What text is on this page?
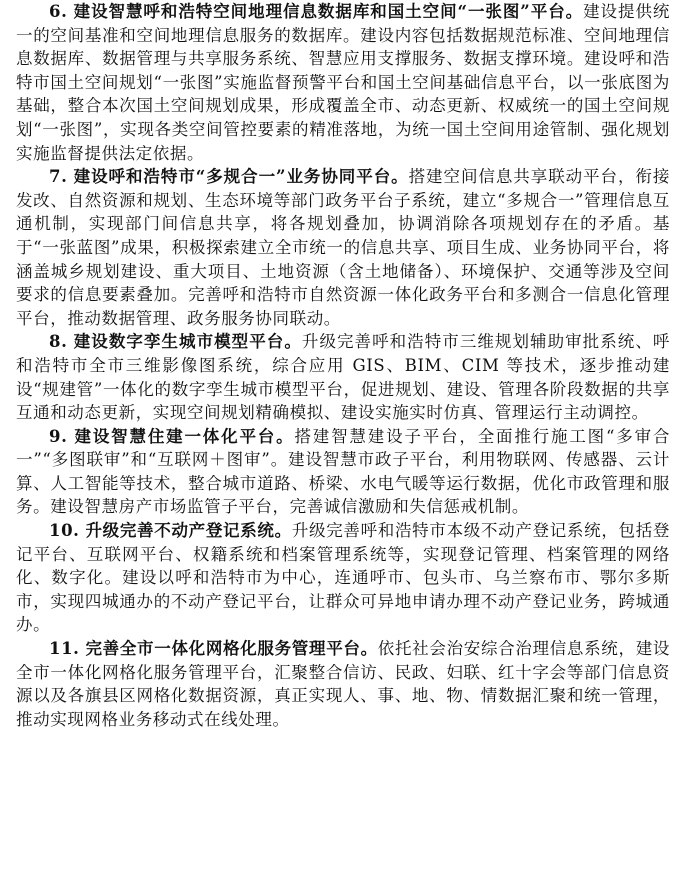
6. 建设智慧呼和浩特空间地理信息数据库和国土空间“一张图”平台。建设提供统一的空间基准和空间地理信息服务的数据库。建设内容包括数据规范标准、空间地理信息数据库、数据管理与共享服务系统、智慧应用支撑服务、数据支撑环境。建设呼和浩特市国土空间规划“一张图”实施监督预警平台和国土空间基础信息平台，以一张底图为基础，整合本次国土空间规划成果，形成覆盖全市、动态更新、权威统一的国土空间规划“一张图”，实现各类空间管控要素的精准落地，为统一国土空间用途管制、强化规划实施监督提供法定依据。

7. 建设呼和浩特市“多规合一”业务协同平台。搭建空间信息共享联动平台，衔接发改、自然资源和规划、生态环境等部门政务平台子系统，建立“多规合一”管理信息互通机制，实现部门间信息共享，将各规划叠加，协调消除各项规划存在的矛盾。基于“一张蓝图”成果，积极探索建立全市统一的信息共享、项目生成、业务协同平台，将涵盖城乡规划建设、重大项目、土地资源（含土地储备）、环境保护、交通等涉及空间要求的信息要素叠加。完善呼和浩特市自然资源一体化政务平台和多测合一信息化管理平台，推动数据管理、政务服务协同联动。

8. 建设数字孪生城市模型平台。升级完善呼和浩特市三维规划辅助审批系统、呼和浩特市全市三维影像图系统，综合应用 GIS、BIM、CIM 等技术，逐步推动建设“规建管”一体化的数字孪生城市模型平台，促进规划、建设、管理各阶段数据的共享互通和动态更新，实现空间规划精确模拟、建设实施实时仿真、管理运行主动调控。

9. 建设智慧住建一体化平台。搭建智慧建设子平台，全面推行施工图“多审合一”“多图联审”和“互联网＋图审”。建设智慧市政子平台，利用物联网、传感器、云计算、人工智能等技术，整合城市道路、桥梁、水电气暖等运行数据，优化市政管理和服务。建设智慧房产市场监管子平台，完善诚信激励和失信惩戒机制。

10. 升级完善不动产登记系统。升级完善呼和浩特市本级不动产登记系统，包括登记平台、互联网平台、权籍系统和档案管理系统等，实现登记管理、档案管理的网络化、数字化。建设以呼和浩特市为中心，连通呼市、包头市、乌兰察布市、鄂尔多斯市，实现四城通办的不动产登记平台，让群众可异地申请办理不动产登记业务，跨城通办。

11. 完善全市一体化网格化服务管理平台。依托社会治安综合治理信息系统，建设全市一体化网格化服务管理平台，汇聚整合信访、民政、妇联、红十字会等部门信息资源以及各旗县区网格化数据资源，真正实现人、事、地、物、情数据汇聚和统一管理，推动实现网格业务移动式在线处理。
